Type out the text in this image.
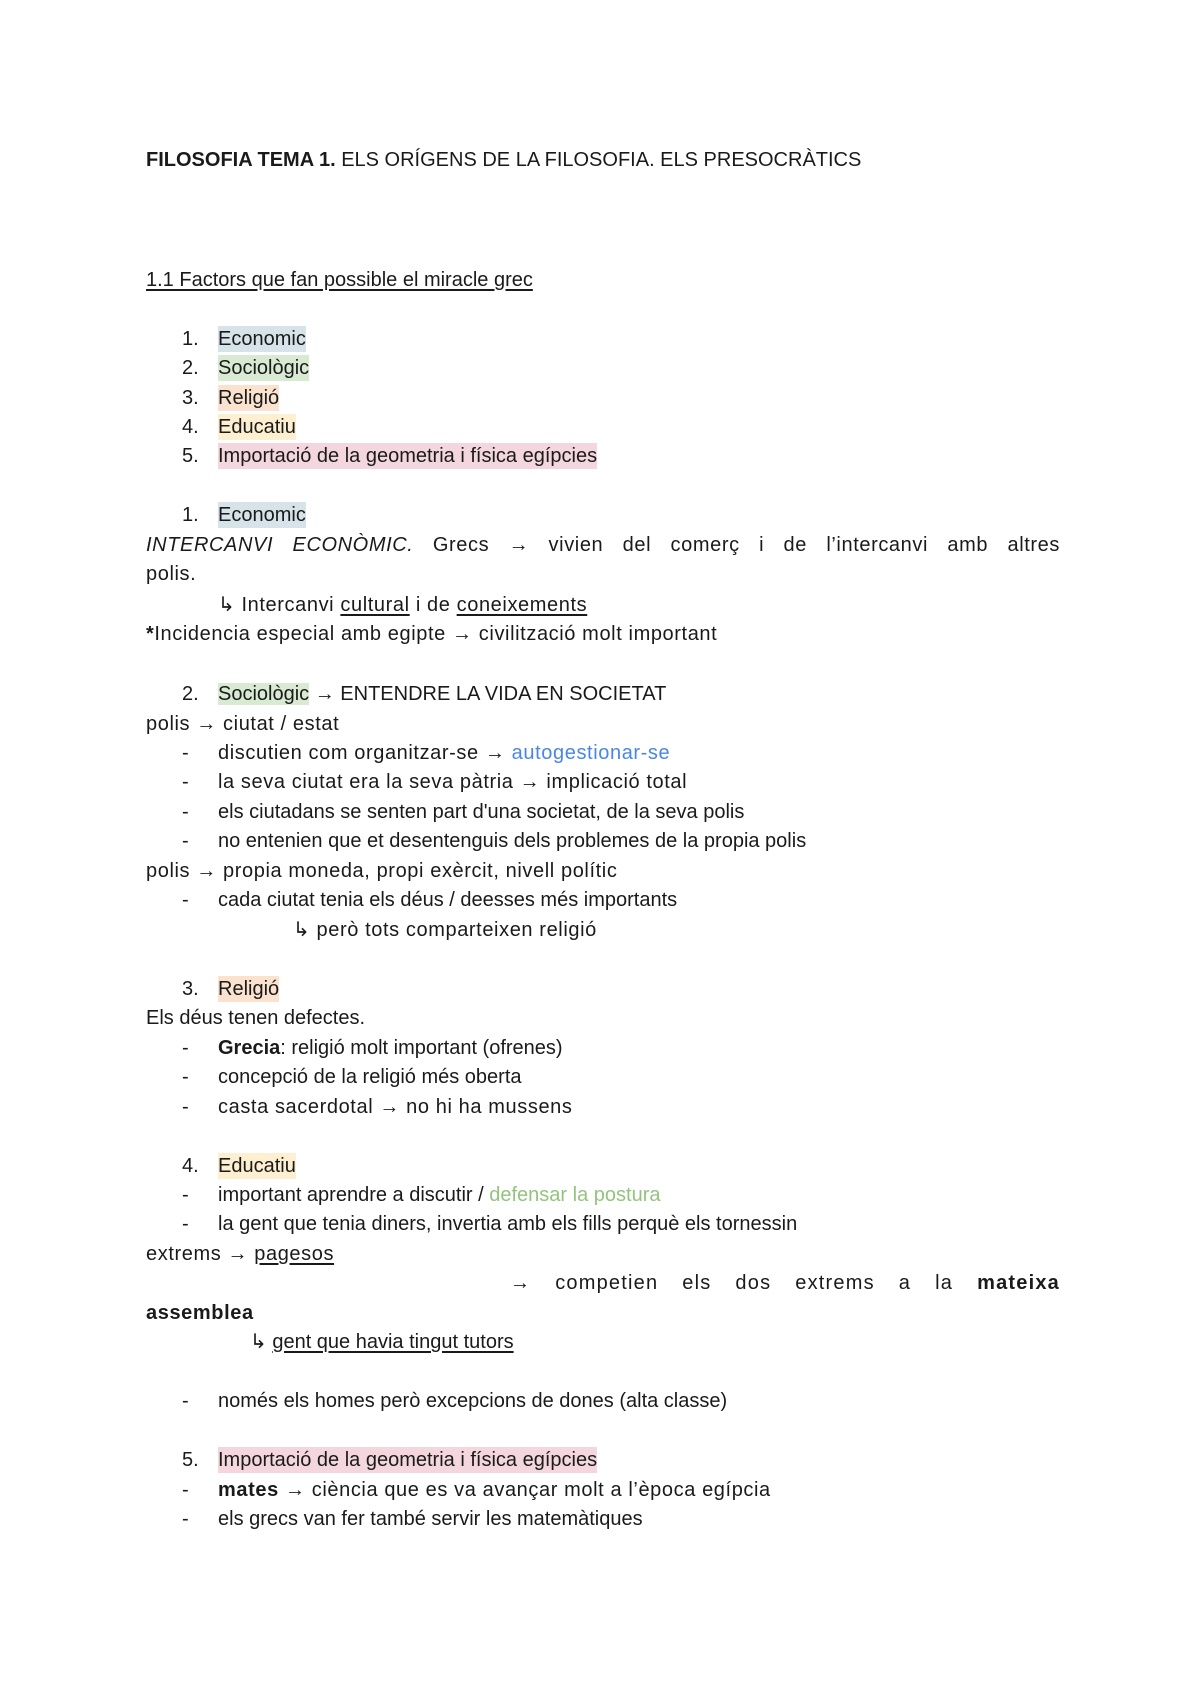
FILOSOFIA TEMA 1. ELS ORÍGENS DE LA FILOSOFIA. ELS PRESOCRÀTICS
1.1 Factors que fan possible el miracle grec
1. Economic
2. Sociològic
3. Religió
4. Educatiu
5. Importació de la geometria i física egípcies
1. Economic
INTERCANVI ECONÒMIC. Grecs → vivien del comerç i de l’intercanvi amb altres
polis.
↳ Intercanvi cultural i de coneixements
*Incidencia especial amb egipte → civilització molt important
2. Sociològic → ENTENDRE LA VIDA EN SOCIETAT
polis → ciutat / estat
- discutien com organitzar-se → autogestionar-se
- la seva ciutat era la seva pàtria → implicació total
- els ciutadans se senten part d'una societat, de la seva polis
- no entenien que et desentenguis dels problemes de la propia polis
polis → propia moneda, propi exèrcit, nivell polític
- cada ciutat tenia els déus / deesses més importants
↳ però tots comparteixen religió
3. Religió
Els déus tenen defectes.
- Grecia: religió molt important (ofrenes)
- concepció de la religió més oberta
- casta sacerdotal → no hi ha mussens
4. Educatiu
- important aprendre a discutir / defensar la postura
- la gent que tenia diners, invertia amb els fills perquè els tornessin
extrems → pagesos
→ competien els dos extrems a la mateixa
assemblea
↳ gent que havia tingut tutors
- només els homes però excepcions de dones (alta classe)
5. Importació de la geometria i física egípcies
- mates → ciència que es va avançar molt a l’època egípcia
- els grecs van fer també servir les matemàtiques
